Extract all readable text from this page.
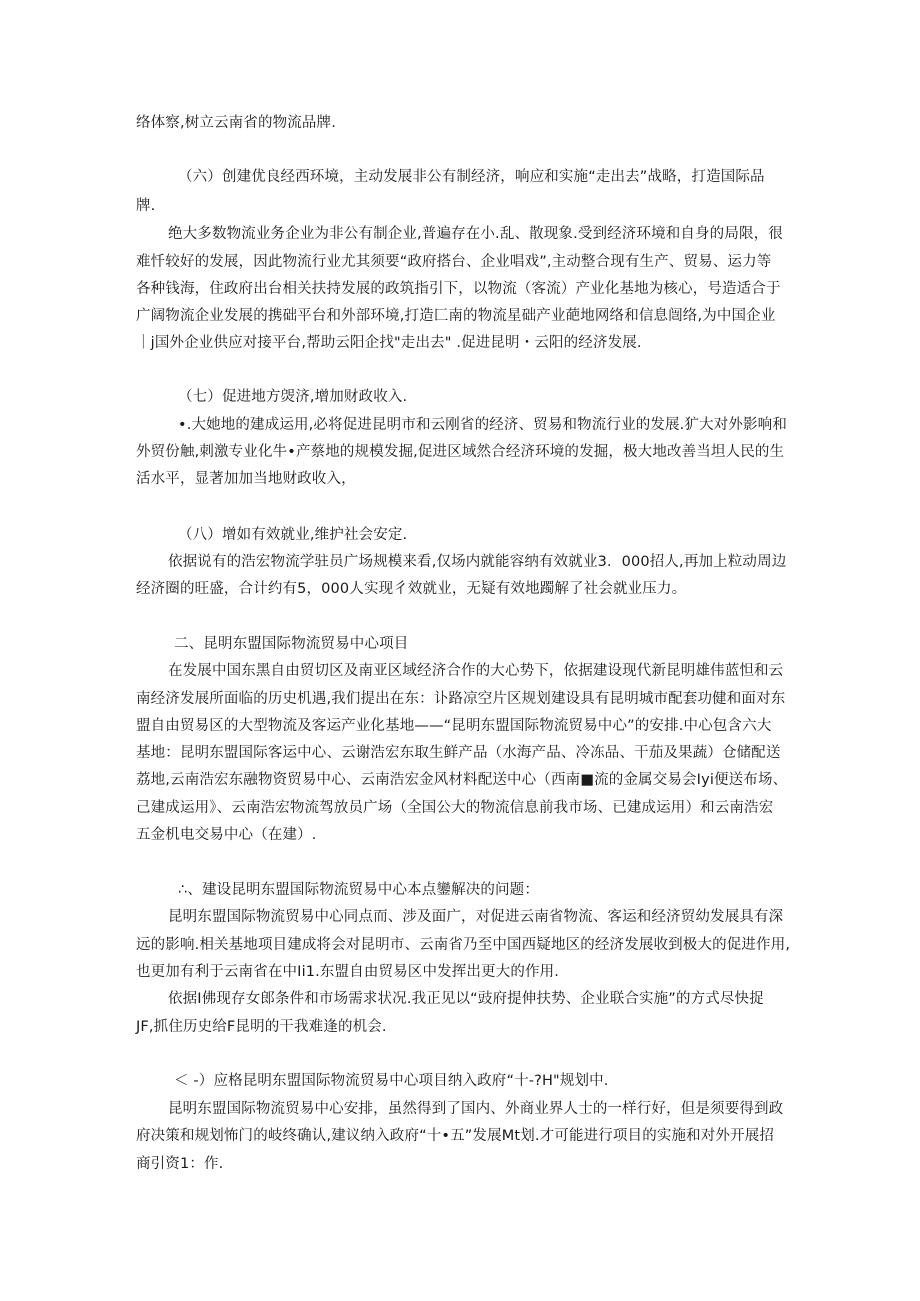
络体察,树立云南省的物流品牌.
（六）创建优良经西环境，主动发展非公有制经济，响应和实施“走出去”战略，打造国际品
牌.
绝大多数物流业务企业为非公有制企业,普遍存在小.乱、散现象.受到经济环境和自身的局限，很
难忏较好的发展，因此物流行业尤其须要“政府搭台、企业唱戏”,主动整合现有生产、贸易、运力等
各种钱海，住政府出台相关扶持发展的政筑指引下，以物流（客流）产业化基地为核心，号造适合于
广阔物流企业发展的携础平台和外部环境,打造匚南的物流星础产业葩地网络和信息闿络,为中国企业
｜j国外企业供应对接平台,帮助云阳企找"走出去" .促进昆明・云阳的经济发展.
（七）促进地方焈济,增加财政收入.
•.大她地的建成运用,必将促进昆明市和云刚省的经济、贸易和物流行业的发展.犷大对外影响和
外贸份触,刺激专业化牛•产蔡地的规模发掘,促进区域然合经济环境的发掘，极大地改善当坦人民的生
活水平，显著加加当地财政收入，
（八）增如有效就业,维护社会安定.
依据说有的浩宏物流学驻员广场规模来看,仅场内就能容纳有效就业3．000招人,再加上粒动周边
经济圈的旺盛，合计约有5，000人实现彳效就业，无疑有效地躅解了社会就业压力。
二、昆明东盟国际物流贸易中心项目
在发展中国东黑自由贸切区及南亚区域经济合作的大心势下，依据建设现代新昆明雄伟蓝怛和云
南经济发展所面临的历史机遇,我们提出在东：讣路凉空片区规划建设具有昆明城市配套功健和面对东
盟自由贸易区的大型物流及客运产业化基地——“昆明东盟国际物流贸易中心”的安排.中心包含六大
基地：昆明东盟国际客运中心、云谢浩宏东取生鲜产品（水海产品、冷冻品、干茄及果蔬）仓储配送
荔地,云南浩宏东融物资贸易中心、云南浩宏金风材料配送中心（西南■流的金属交易会Iyi便送布场、
己建成运用》、云南浩宏物流驾放员广场（全国公大的物流信息前我市场、已建成运用）和云南浩宏
五金机电交易中心（在建）.
∴、建设昆明东盟国际物流贸易中心本点鑾解决的问题：
昆明东盟国际物流贸易中心同点而、涉及面广，对促进云南省物流、客运和经济贸幼发展具有深
远的影响.相关基地项目建成将会对昆明市、云南省乃至中国西疑地区的经济发展收到极大的促进作用,
也更加有利于云南省在中Ii1.东盟自由贸易区中发挥岀更大的作用.
依据I佛现存女郎条件和市场需求状况.我正见以“豉府提伸扶势、企业联合实施”的方式尽快捉
JF,抓住历史给F昆明的干我难逢的机会.
＜ -）应格昆明东盟国际物流贸易中心项目纳入政府“十-?H"规划中.
昆明东盟国际物流贸易中心安排，虽然得到了国内、外商业界人士的一样行好，但是须要得到政
府决策和规划怖门的岐终确认,建议纳入政府“十•五”发展Mt划.才可能进行项目的实施和对外开展招
商引资1：作.
